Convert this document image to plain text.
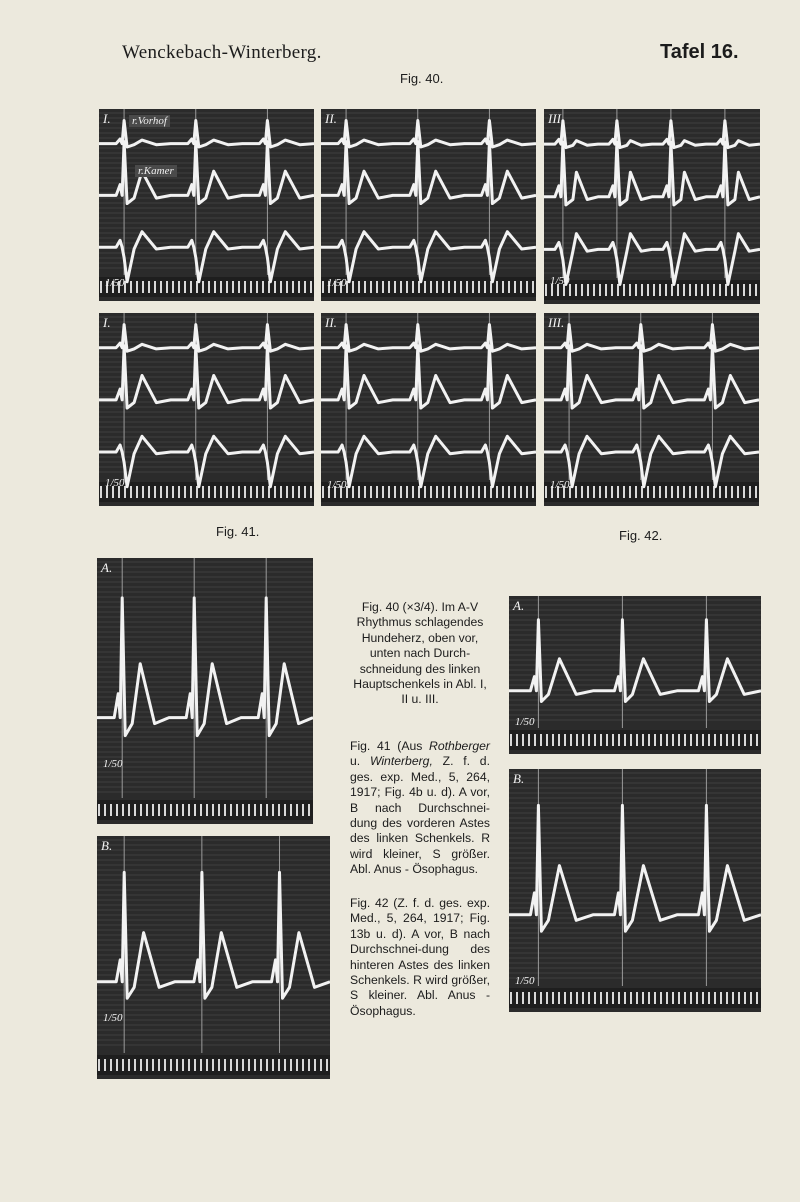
Wenckebach-Winterberg.	Tafel 16.
Fig. 40.
I. r.Vorhof
r.Kamer
1/50
II.
1/50
III.
1/50
I.
1/50
II.
1/50
III.
1/50
Fig. 41.	Fig. 42.
A.
1/50
B.
1/50
Fig. 40 (×3/4). Im A-V Rhythmus schlagendes Hundeherz, oben vor, unten nach Durch-schneidung des linken Hauptschenkels in Abl. I, II u. III.
Fig. 41 (Aus Rothberger u. Winterberg, Z. f. d. ges. exp. Med., 5, 264, 1917; Fig. 4b u. d). A vor, B nach Durchschnei-dung des vorderen Astes des linken Schenkels. R wird kleiner, S größer. Abl. Anus - Ösophagus.
Fig. 42 (Z. f. d. ges. exp. Med., 5, 264, 1917; Fig. 13b u. d). A vor, B nach Durchschnei-dung des hinteren Astes des linken Schenkels. R wird größer, S kleiner. Abl. Anus - Ösophagus.
A.
1/50
B.
1/50
